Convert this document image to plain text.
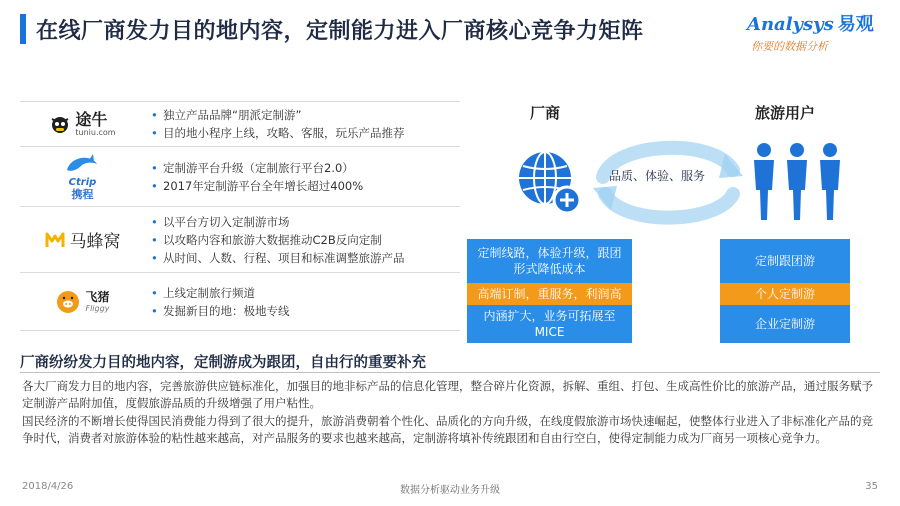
在线厂商发力目的地内容，定制能力进入厂商核心竞争力矩阵	Analysys 易观
你要的数据分析
途牛
tuniu.com
• 独立产品品牌“朋派定制游”
• 目的地小程序上线，攻略、客服，玩乐产品推荐
Ctrip
携程
• 定制游平台升级（定制旅行平台2.0）
• 2017年定制游平台全年增长超过400%
马蜂窝
• 以平台方切入定制游市场
• 以攻略内容和旅游大数据推动C2B反向定制
• 从时间、人数、行程、项目和标准调整旅游产品
飞猪
Fliggy
• 上线定制旅行频道
• 发掘新目的地：极地专线
厂商	旅游用户
品质、体验、服务
定制线路，体验升级，跟团形式降低成本
高端订制，重服务，利润高
内涵扩大，业务可拓展至MICE
定制跟团游
个人定制游
企业定制游
厂商纷纷发力目的地内容，定制游成为跟团，自由行的重要补充
各大厂商发力目的地内容，完善旅游供应链标准化，加强目的地非标产品的信息化管理，整合碎片化资源，拆解、重组、打包、生成高性价比的旅游产品，通过服务赋予定制游产品附加值，度假旅游品质的升级增强了用户粘性。
国民经济的不断增长使得国民消费能力得到了很大的提升，旅游消费朝着个性化、品质化的方向升级，在线度假旅游市场快速崛起，使整体行业进入了非标准化产品的竞争时代，消费者对旅游体验的粘性越来越高，对产品服务的要求也越来越高，定制游将填补传统跟团和自由行空白，使得定制能力成为厂商另一项核心竞争力。
数据分析驱动业务升级
2018/4/26	35
